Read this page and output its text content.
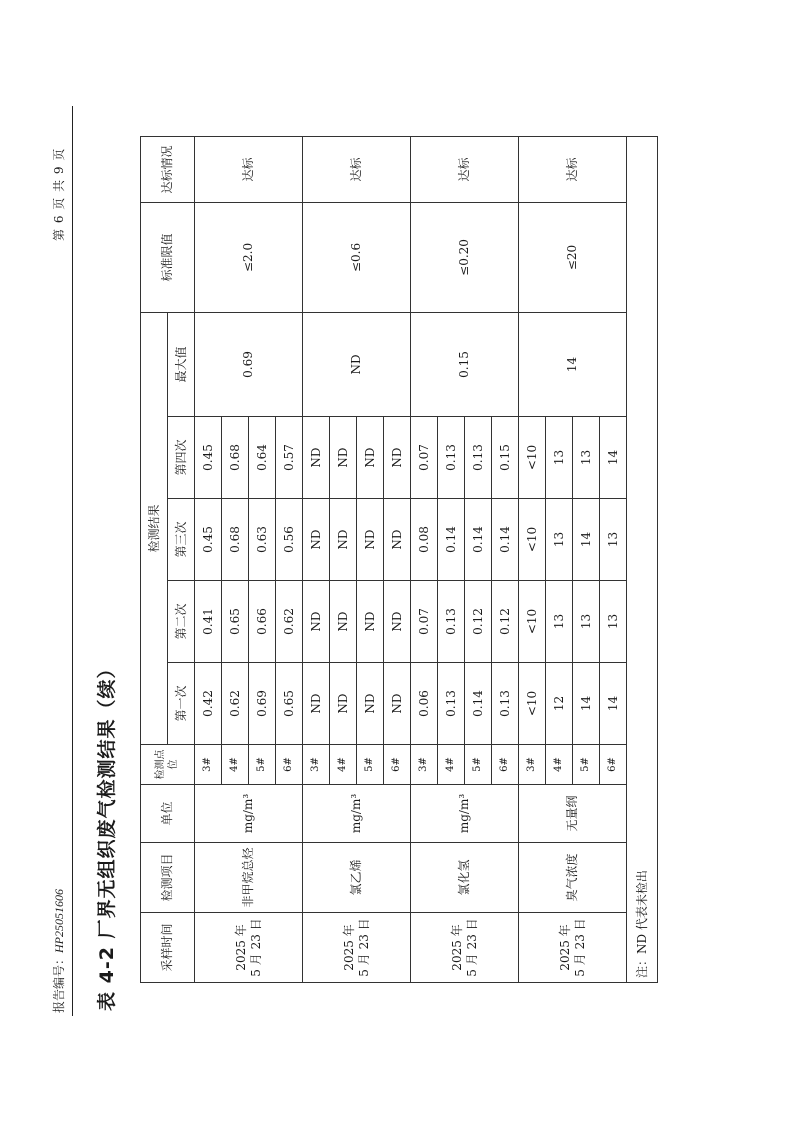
报告编号：HP25051606
第 6 页 共 9 页
表 4-2 厂界无组织废气检测结果（续）	采样时间	检测项目	单位	检测点位	检测结果					标准限值	达标情况
				第一次	第二次	第三次	第四次	最大值		

2025 年 5 月 23 日	非甲烷总烃	mg/m³	3#	0.42	0.41	0.45	0.45	0.69	≤2.0	达标
			4#	0.62	0.65	0.68	0.68			
			5#	0.69	0.66	0.63	0.64			
			6#	0.65	0.62	0.56	0.57			

2025 年 5 月 23 日	氯乙烯	mg/m³	3#	ND	ND	ND	ND	ND	≤0.6	达标
			4#	ND	ND	ND	ND			
			5#	ND	ND	ND	ND			
			6#	ND	ND	ND	ND			

2025 年 5 月 23 日	氯化氢	mg/m³	3#	0.06	0.07	0.08	0.07	0.15	≤0.20	达标
			4#	0.13	0.13	0.14	0.13			
			5#	0.14	0.12	0.14	0.13			
			6#	0.13	0.12	0.14	0.15			

2025 年 5 月 23 日	臭气浓度	无量纲	3#	<10	<10	<10	<10	14	≤20	达标
			4#	12	13	13	13			
			5#	14	13	14	13			
			6#	14	13	13	14			
注：ND 代表未检出										
